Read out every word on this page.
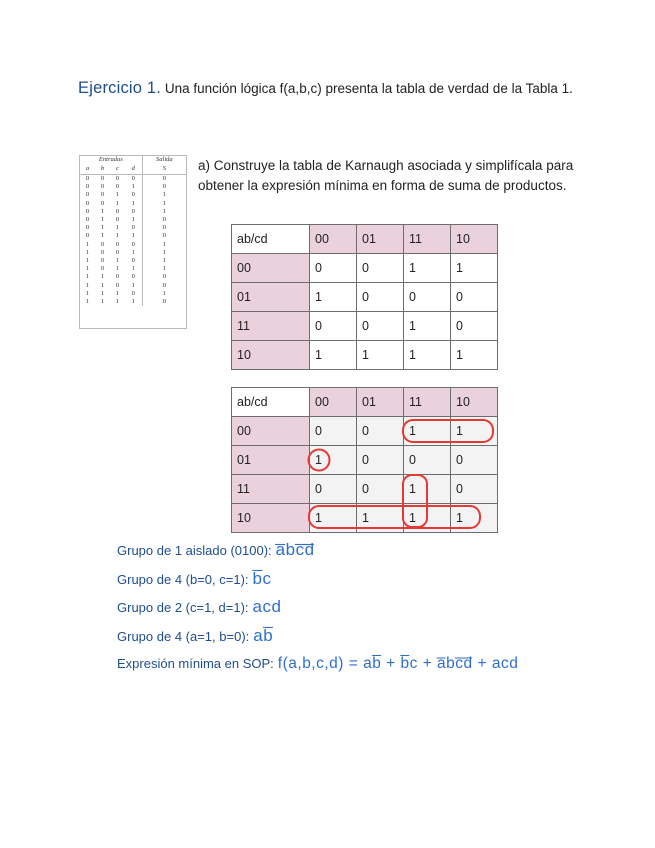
Ejercicio 1. Una función lógica f(a,b,c) presenta la tabla de verdad de la Tabla 1.
Entradas				Salida
a	b	c	d	S
0	0	0	0	0
0	0	0	1	0
0	0	1	0	1
0	0	1	1	1
0	1	0	0	1
0	1	0	1	0
0	1	1	0	0
0	1	1	1	0
1	0	0	0	1
1	0	0	1	1
1	0	1	0	1
1	0	1	1	1
1	1	0	0	0
1	1	0	1	0
1	1	1	0	1
1	1	1	1	0
a) Construye la tabla de Karnaugh asociada y simplifícala para obtener la expresión mínima en forma de suma de productos.
ab/cd	00	01	11	10
00	0	0	1	1
01	1	0	0	0
11	0	0	1	0
10	1	1	1	1
ab/cd	00	01	11	10
00	0	0	1	1
01	1	0	0	0
11	0	0	1	0
10	1	1	1	1
Grupo de 1 aislado (0100): a̅bc̅d̅
Grupo de 4 (b=0, c=1): b̅c
Grupo de 2 (c=1, d=1): acd
Grupo de 4 (a=1, b=0): ab̅
Expresión mínima en SOP: f(a,b,c,d) = ab̅ + b̅c + a̅bc̅d̅ + acd
